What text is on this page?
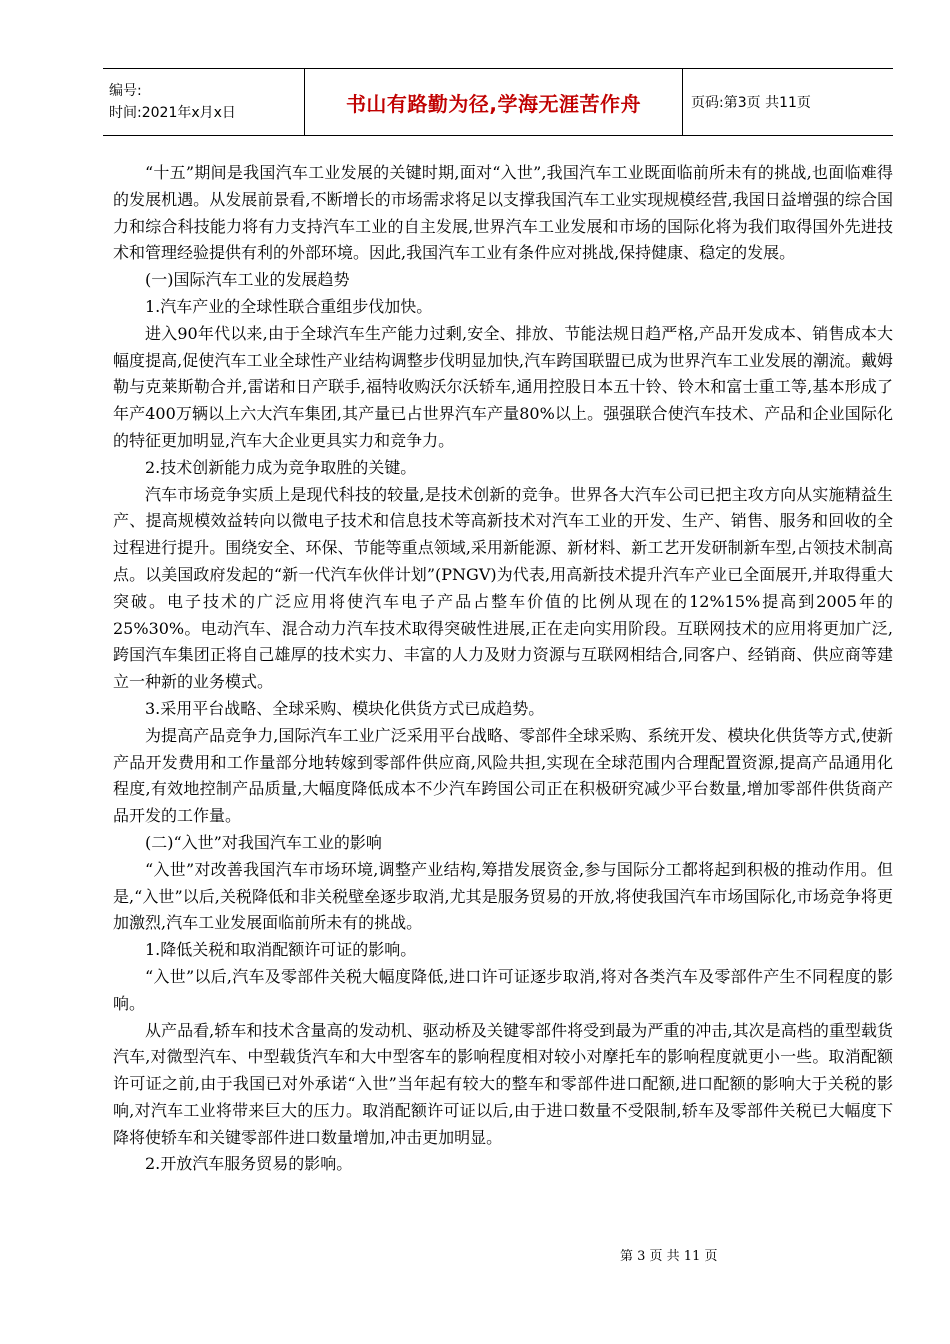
编号:
时间:2021年x月x日	书山有路勤为径,学海无涯苦作舟	页码:第3页 共11页

“十五”期间是我国汽车工业发展的关键时期,面对“入世”,我国汽车工业既面临前所未有的挑战,也面临难得的发展机遇。从发展前景看,不断增长的市场需求将足以支撑我国汽车工业实现规模经营,我国日益增强的综合国力和综合科技能力将有力支持汽车工业的自主发展,世界汽车工业发展和市场的国际化将为我们取得国外先进技术和管理经验提供有利的外部环境。因此,我国汽车工业有条件应对挑战,保持健康、稳定的发展。

(一)国际汽车工业的发展趋势

1.汽车产业的全球性联合重组步伐加快。

进入90年代以来,由于全球汽车生产能力过剩,安全、排放、节能法规日趋严格,产品开发成本、销售成本大幅度提高,促使汽车工业全球性产业结构调整步伐明显加快,汽车跨国联盟已成为世界汽车工业发展的潮流。戴姆勒与克莱斯勒合并,雷诺和日产联手,福特收购沃尔沃轿车,通用控股日本五十铃、铃木和富士重工等,基本形成了年产400万辆以上六大汽车集团,其产量已占世界汽车产量80%以上。强强联合使汽车技术、产品和企业国际化的特征更加明显,汽车大企业更具实力和竞争力。

2.技术创新能力成为竞争取胜的关键。

汽车市场竞争实质上是现代科技的较量,是技术创新的竞争。世界各大汽车公司已把主攻方向从实施精益生产、提高规模效益转向以微电子技术和信息技术等高新技术对汽车工业的开发、生产、销售、服务和回收的全过程进行提升。围绕安全、环保、节能等重点领域,采用新能源、新材料、新工艺开发研制新车型,占领技术制高点。以美国政府发起的“新一代汽车伙伴计划”(PNGV)为代表,用高新技术提升汽车产业已全面展开,并取得重大突破。电子技术的广泛应用将使汽车电子产品占整车价值的比例从现在的12%15%提高到2005年的25%30%。电动汽车、混合动力汽车技术取得突破性进展,正在走向实用阶段。互联网技术的应用将更加广泛,跨国汽车集团正将自己雄厚的技术实力、丰富的人力及财力资源与互联网相结合,同客户、经销商、供应商等建立一种新的业务模式。

3.采用平台战略、全球采购、模块化供货方式已成趋势。

为提高产品竞争力,国际汽车工业广泛采用平台战略、零部件全球采购、系统开发、模块化供货等方式,使新产品开发费用和工作量部分地转嫁到零部件供应商,风险共担,实现在全球范围内合理配置资源,提高产品通用化程度,有效地控制产品质量,大幅度降低成本不少汽车跨国公司正在积极研究减少平台数量,增加零部件供货商产品开发的工作量。

(二)“入世”对我国汽车工业的影响

“入世”对改善我国汽车市场环境,调整产业结构,筹措发展资金,参与国际分工都将起到积极的推动作用。但是,“入世”以后,关税降低和非关税壁垒逐步取消,尤其是服务贸易的开放,将使我国汽车市场国际化,市场竞争将更加激烈,汽车工业发展面临前所未有的挑战。

1.降低关税和取消配额许可证的影响。

“入世”以后,汽车及零部件关税大幅度降低,进口许可证逐步取消,将对各类汽车及零部件产生不同程度的影响。

从产品看,轿车和技术含量高的发动机、驱动桥及关键零部件将受到最为严重的冲击,其次是高档的重型载货汽车,对微型汽车、中型载货汽车和大中型客车的影响程度相对较小对摩托车的影响程度就更小一些。取消配额许可证之前,由于我国已对外承诺“入世”当年起有较大的整车和零部件进口配额,进口配额的影响大于关税的影响,对汽车工业将带来巨大的压力。取消配额许可证以后,由于进口数量不受限制,轿车及零部件关税已大幅度下降将使轿车和关键零部件进口数量增加,冲击更加明显。

2.开放汽车服务贸易的影响。

第 3 页 共 11 页
